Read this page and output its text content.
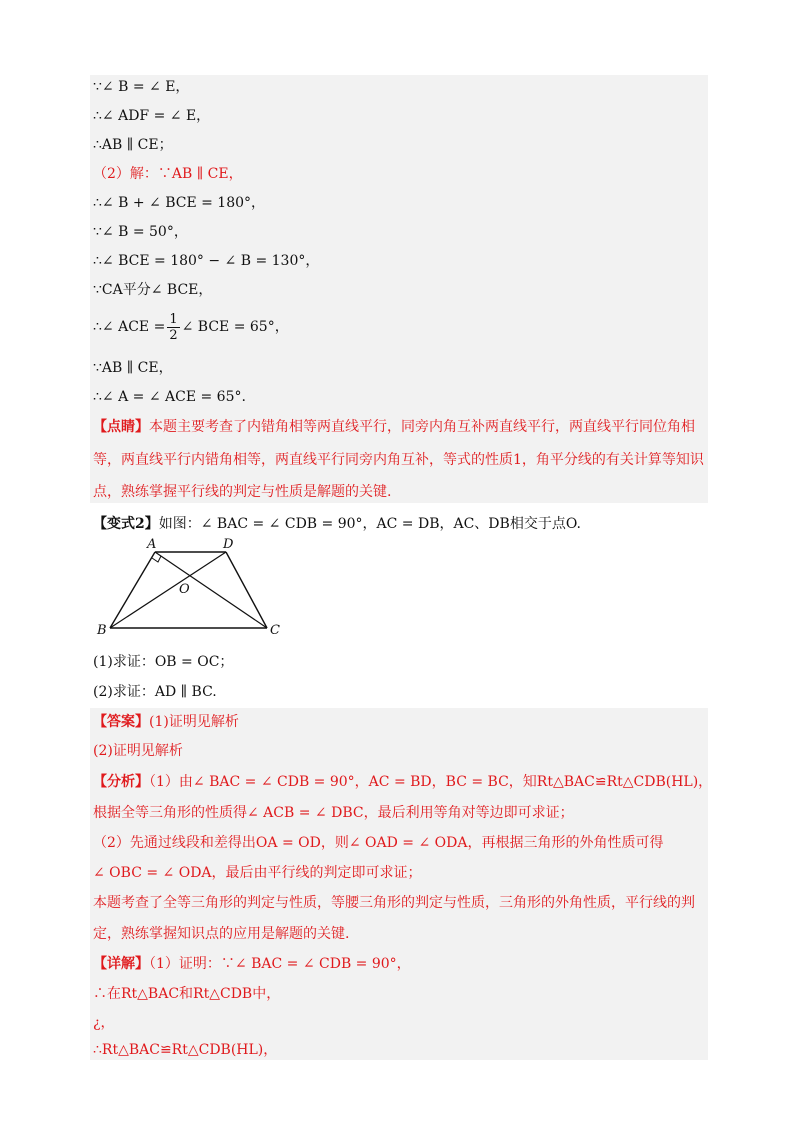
∵∠ B = ∠ E，
∴∠ ADF = ∠ E，
∴AB ∥ CE；
（2）解：∵AB ∥ CE，
∴∠ B + ∠ BCE = 180°，
∵∠ B = 50°，
∴∠ BCE = 180° − ∠ B = 130°，
∵CA平分∠ BCE，
∴∠ ACE = $\frac{1}{2}$ ∠ BCE = 65°，
∵AB ∥ CE，
∴∠ A = ∠ ACE = 65°.
【点睛】本题主要考查了内错角相等两直线平行，同旁内角互补两直线平行，两直线平行同位角相
等，两直线平行内错角相等，两直线平行同旁内角互补，等式的性质1，角平分线的有关计算等知识
点，熟练掌握平行线的判定与性质是解题的关键.
【变式2】如图：∠ BAC = ∠ CDB = 90°，AC = DB，AC、DB相交于点O.
A	D
O
B	C
(1)求证：OB = OC；
(2)求证：AD ∥ BC.
【答案】(1)证明见解析
(2)证明见解析
【分析】（1）由∠ BAC = ∠ CDB = 90°，AC = BD，BC = BC，知Rt△BAC≌Rt△CDB(HL)，
根据全等三角形的性质得∠ ACB = ∠ DBC，最后利用等角对等边即可求证；
（2）先通过线段和差得出OA = OD，则∠ OAD = ∠ ODA，再根据三角形的外角性质可得
∠ OBC = ∠ ODA，最后由平行线的判定即可求证；
本题考查了全等三角形的判定与性质，等腰三角形的判定与性质，三角形的外角性质，平行线的判
定，熟练掌握知识点的应用是解题的关键.
【详解】（1）证明：∵∠ BAC = ∠ CDB = 90°，
∴在Rt△BAC和Rt△CDB中，
¿，
∴Rt△BAC≌Rt△CDB(HL)，
